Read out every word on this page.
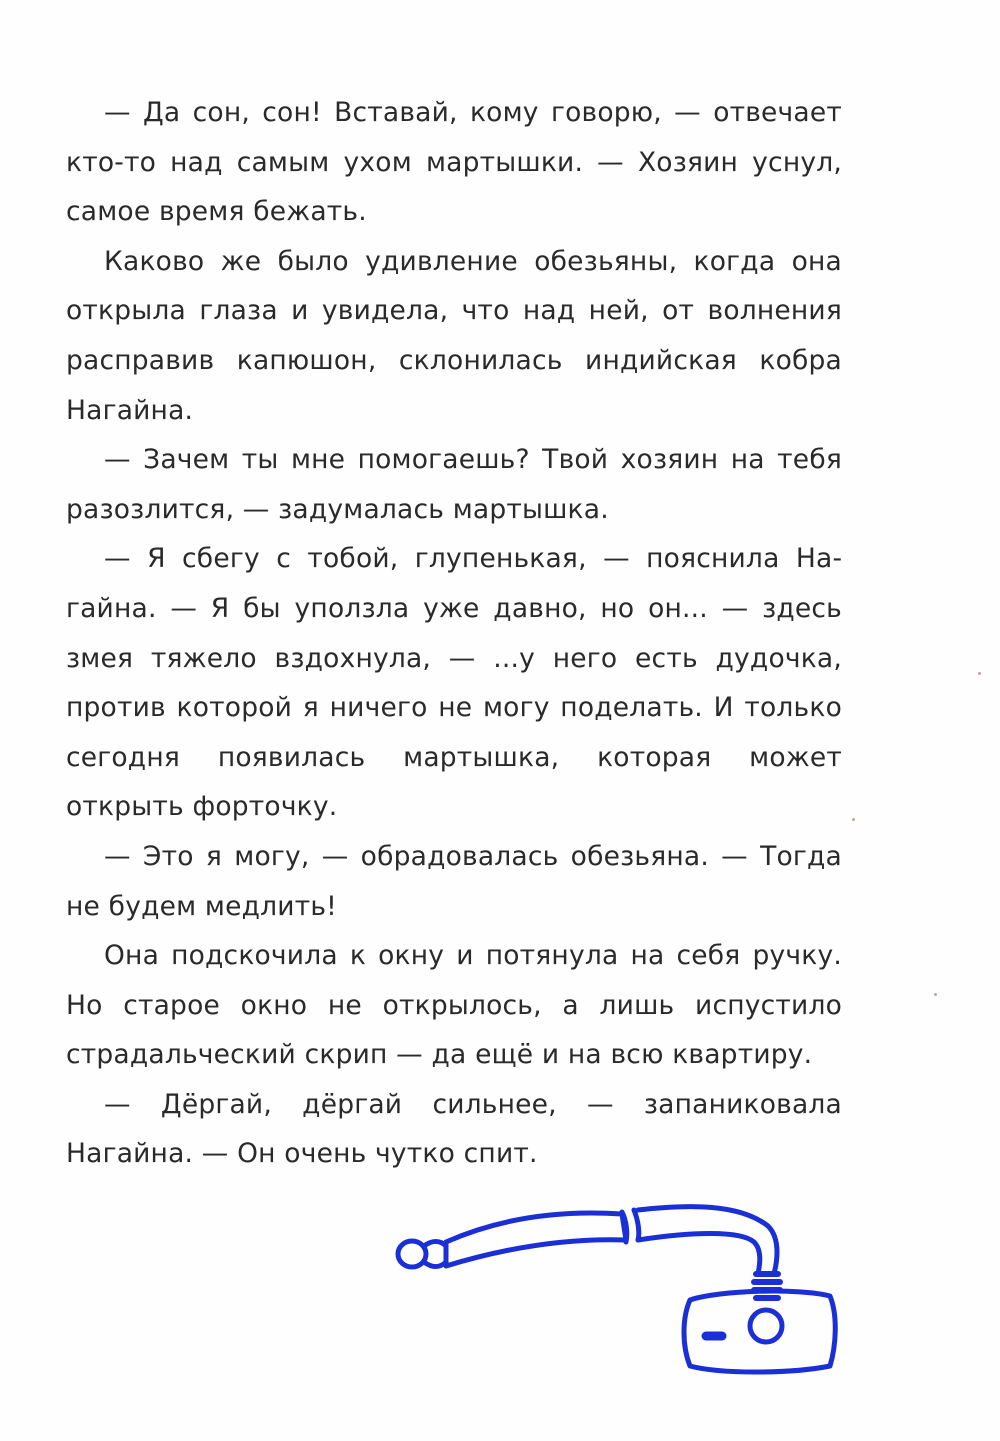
— Да сон, сон! Вставай, кому говорю, — отвечает кто-то над самым ухом мартышки. — Хозяин уснул, самое время бежать.

Каково же было удивление обезьяны, когда она открыла глаза и увидела, что над ней, от волнения расправив капюшон, склонилась индийская кобра Нагайна.

— Зачем ты мне помогаешь? Твой хозяин на тебя разозлится, — задумалась мартышка.

— Я сбегу с тобой, глупенькая, — пояснила Нагайна. — Я бы уползла уже давно, но он... — здесь змея тяжело вздохнула, — ...у него есть дудочка, против которой я ничего не могу поделать. И только сегодня появилась мартышка, которая может открыть форточку.

— Это я могу, — обрадовалась обезьяна. — Тогда не будем медлить!

Она подскочила к окну и потянула на себя ручку. Но старое окно не открылось, а лишь испустило страдальческий скрип — да ещё и на всю квартиру.

— Дёргай, дёргай сильнее, — запаниковала Нагайна. — Он очень чутко спит.
